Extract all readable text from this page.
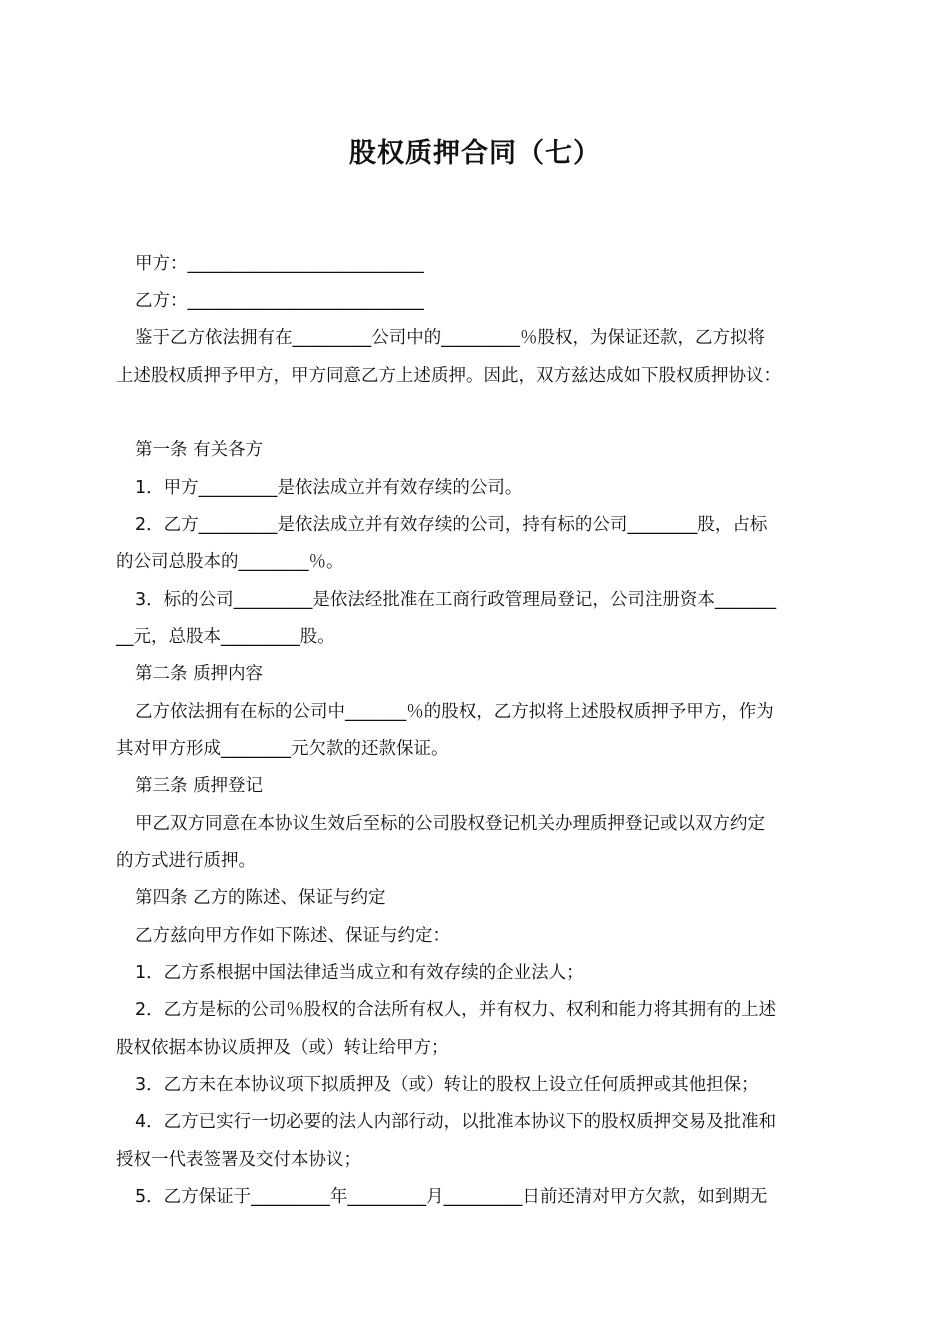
股权质押合同（七）
甲方：___________________________
乙方：___________________________
鉴于乙方依法拥有在_________公司中的_________％股权，为保证还款，乙方拟将
上述股权质押予甲方，甲方同意乙方上述质押。因此，双方兹达成如下股权质押协议：
第一条 有关各方
1．甲方_________是依法成立并有效存续的公司。
2．乙方_________是依法成立并有效存续的公司，持有标的公司________股，占标
的公司总股本的________％。
3．标的公司_________是依法经批准在工商行政管理局登记，公司注册资本_______
__元，总股本_________股。
第二条 质押内容
乙方依法拥有在标的公司中_______％的股权，乙方拟将上述股权质押予甲方，作为
其对甲方形成________元欠款的还款保证。
第三条 质押登记
甲乙双方同意在本协议生效后至标的公司股权登记机关办理质押登记或以双方约定
的方式进行质押。
第四条 乙方的陈述、保证与约定
乙方兹向甲方作如下陈述、保证与约定：
1．乙方系根据中国法律适当成立和有效存续的企业法人；
2．乙方是标的公司％股权的合法所有权人，并有权力、权利和能力将其拥有的上述
股权依据本协议质押及（或）转让给甲方；
3．乙方未在本协议项下拟质押及（或）转让的股权上设立任何质押或其他担保；
4．乙方已实行一切必要的法人内部行动，以批准本协议下的股权质押交易及批准和
授权一代表签署及交付本协议；
5．乙方保证于_________年_________月_________日前还清对甲方欠款，如到期无
